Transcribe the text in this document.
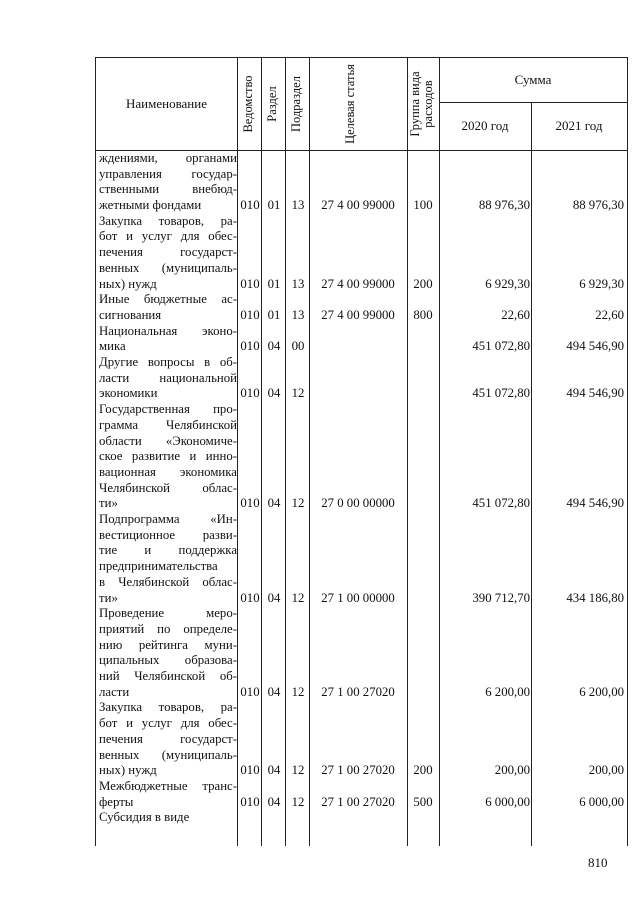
Наименование	Ведомство Раздел Подраздел	Целевая статья	Группа вида расходов
Сумма
2020 год	2021 год
ждениями, органами
управления государ-
ственными внебюд-
жетными фондами	010 01 13	27 4 00 99000	100	88 976,30	88 976,30
Закупка товаров, ра-
бот и услуг для обес-
печения государст-
венных (муниципаль-
ных) нужд	010 01 13	27 4 00 99000	200	6 929,30	6 929,30
Иные бюджетные ас-
сигнования	010 01 13	27 4 00 99000	800	22,60	22,60
Национальная эконо-
мика	010 04 00	451 072,80	494 546,90
Другие вопросы в об-
ласти национальной
экономики	010 04 12	451 072,80	494 546,90
Государственная про-
грамма Челябинской
области «Экономиче-
ское развитие и инно-
вационная экономика
Челябинской облас-
ти»	010 04 12	27 0 00 00000	451 072,80	494 546,90
Подпрограмма «Ин-
вестиционное разви-
тие и поддержка
предпринимательства
в Челябинской облас-
ти»	010 04 12	27 1 00 00000	390 712,70	434 186,80
Проведение меро-
приятий по определе-
нию рейтинга муни-
ципальных образова-
ний Челябинской об-
ласти	010 04 12	27 1 00 27020	6 200,00	6 200,00
Закупка товаров, ра-
бот и услуг для обес-
печения государст-
венных (муниципаль-
ных) нужд	010 04 12	27 1 00 27020	200	200,00	200,00
Межбюджетные транс-
ферты	010 04 12	27 1 00 27020	500	6 000,00	6 000,00
Субсидия в виде
810
